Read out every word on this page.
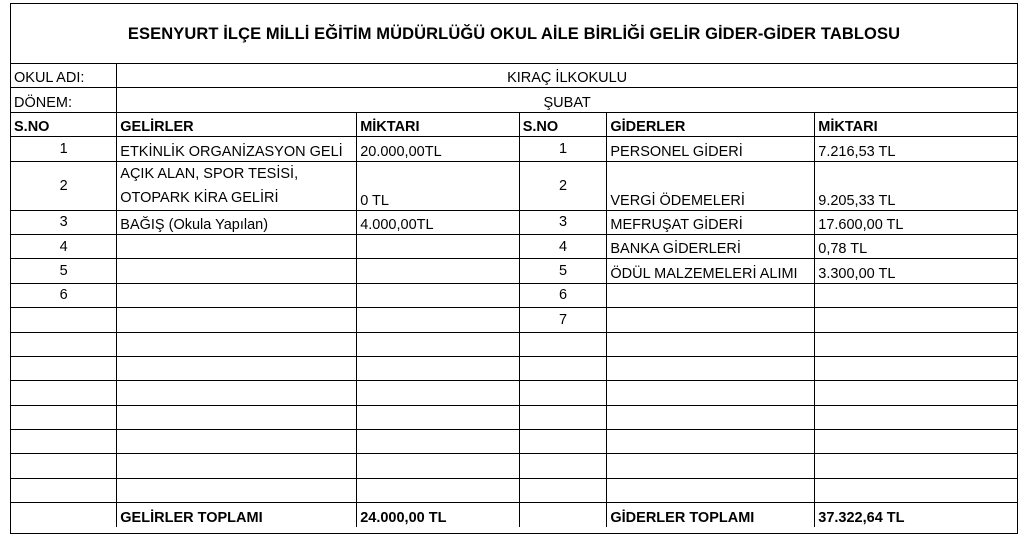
ESENYURT İLÇE MİLLİ EĞİTİM MÜDÜRLÜĞÜ OKUL AİLE BİRLİĞİ GELİR GİDER-GİDER TABLOSU
OKUL ADI:	KIRAÇ İLKOKULU				
DÖNEM:	ŞUBAT				
S.NO	GELİRLER	MİKTARI	S.NO	GİDERLER	MİKTARI
1	ETKİNLİK ORGANİZASYON GELİ	20.000,00TL	1	PERSONEL GİDERİ	7.216,53 TL
2	AÇIK ALAN, SPOR TESİSİ,
OTOPARK KİRA GELİRİ	0 TL	2	VERGİ ÖDEMELERİ	9.205,33 TL
3	BAĞIŞ (Okula Yapılan)	4.000,00TL	3	MEFRUŞAT GİDERİ	17.600,00 TL
4			4	BANKA GİDERLERİ	0,78 TL
5			5	ÖDÜL MALZEMELERİ ALIMI	3.300,00 TL
6			6		
			7		

	GELİRLER TOPLAMI	24.000,00 TL		GİDERLER TOPLAMI	37.322,64 TL
